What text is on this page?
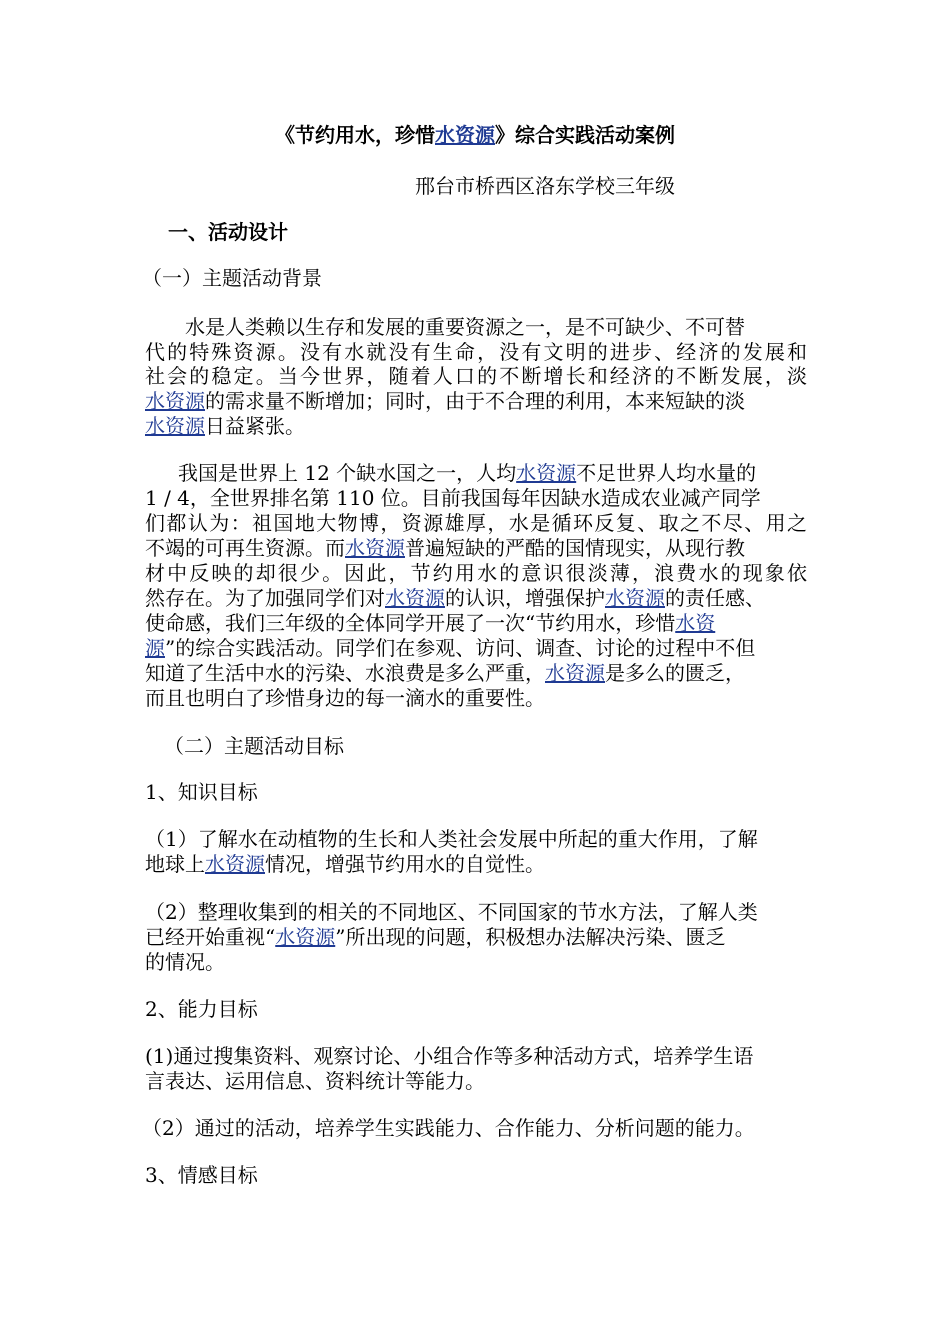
《节约用水，珍惜水资源》综合实践活动案例
邢台市桥西区洛东学校三年级
一、活动设计
（一）主题活动背景
水是人类赖以生存和发展的重要资源之一，是不可缺少、不可替
代的特殊资源。没有水就没有生命，没有文明的进步、经济的发展和
社会的稳定。当今世界，随着人口的不断增长和经济的不断发展，淡
水资源的需求量不断增加；同时，由于不合理的利用，本来短缺的淡
水资源日益紧张。
我国是世界上 12 个缺水国之一，人均水资源不足世界人均水量的
1 / 4，全世界排名第 110 位。目前我国每年因缺水造成农业减产同学
们都认为：祖国地大物博，资源雄厚，水是循环反复、取之不尽、用之
不竭的可再生资源。而水资源普遍短缺的严酷的国情现实，从现行教
材中反映的却很少。因此，节约用水的意识很淡薄，浪费水的现象依
然存在。为了加强同学们对水资源的认识，增强保护水资源的责任感、
使命感，我们三年级的全体同学开展了一次“节约用水，珍惜水资
源”的综合实践活动。同学们在参观、访问、调查、讨论的过程中不但
知道了生活中水的污染、水浪费是多么严重，水资源是多么的匮乏，
而且也明白了珍惜身边的每一滴水的重要性。
（二）主题活动目标
1、知识目标
（1）了解水在动植物的生长和人类社会发展中所起的重大作用，了解
地球上水资源情况，增强节约用水的自觉性。
（2）整理收集到的相关的不同地区、不同国家的节水方法，了解人类
已经开始重视“水资源”所出现的问题，积极想办法解决污染、匮乏
的情况。
2、能力目标
(1)通过搜集资料、观察讨论、小组合作等多种活动方式，培养学生语
言表达、运用信息、资料统计等能力。
（2）通过的活动，培养学生实践能力、合作能力、分析问题的能力。
3、情感目标
